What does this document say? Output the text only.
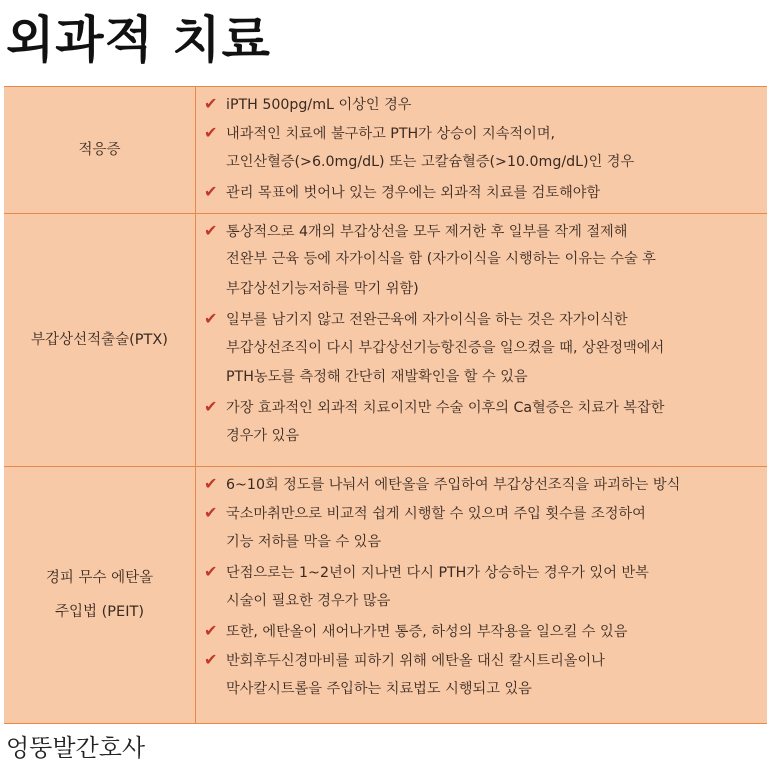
외과적 치료
적응증
✔ iPTH 500pg/mL 이상인 경우
✔ 내과적인 치료에 불구하고 PTH가 상승이 지속적이며,
고인산혈증(>6.0mg/dL) 또는 고칼슘혈증(>10.0mg/dL)인 경우
✔ 관리 목표에 벗어나 있는 경우에는 외과적 치료를 검토해야함
부갑상선적출술(PTX)
✔ 통상적으로 4개의 부갑상선을 모두 제거한 후 일부를 작게 절제해
전완부 근육 등에 자가이식을 함 (자가이식을 시행하는 이유는 수술 후
부갑상선기능저하를 막기 위함)
✔ 일부를 남기지 않고 전완근육에 자가이식을 하는 것은 자가이식한
부갑상선조직이 다시 부갑상선기능항진증을 일으켰을 때, 상완정맥에서
PTH농도를 측정해 간단히 재발확인을 할 수 있음
✔ 가장 효과적인 외과적 치료이지만 수술 이후의 Ca혈증은 치료가 복잡한
경우가 있음
경피 무수 에탄올
주입법 (PEIT)
✔ 6~10회 정도를 나눠서 에탄올을 주입하여 부갑상선조직을 파괴하는 방식
✔ 국소마취만으로 비교적 쉽게 시행할 수 있으며 주입 횟수를 조정하여
기능 저하를 막을 수 있음
✔ 단점으로는 1~2년이 지나면 다시 PTH가 상승하는 경우가 있어 반복
시술이 필요한 경우가 많음
✔ 또한, 에탄올이 새어나가면 통증, 하성의 부작용을 일으킬 수 있음
✔ 반회후두신경마비를 피하기 위해 에탄올 대신 칼시트리올이나
막사칼시트롤을 주입하는 치료법도 시행되고 있음
엉뚱발간호사
